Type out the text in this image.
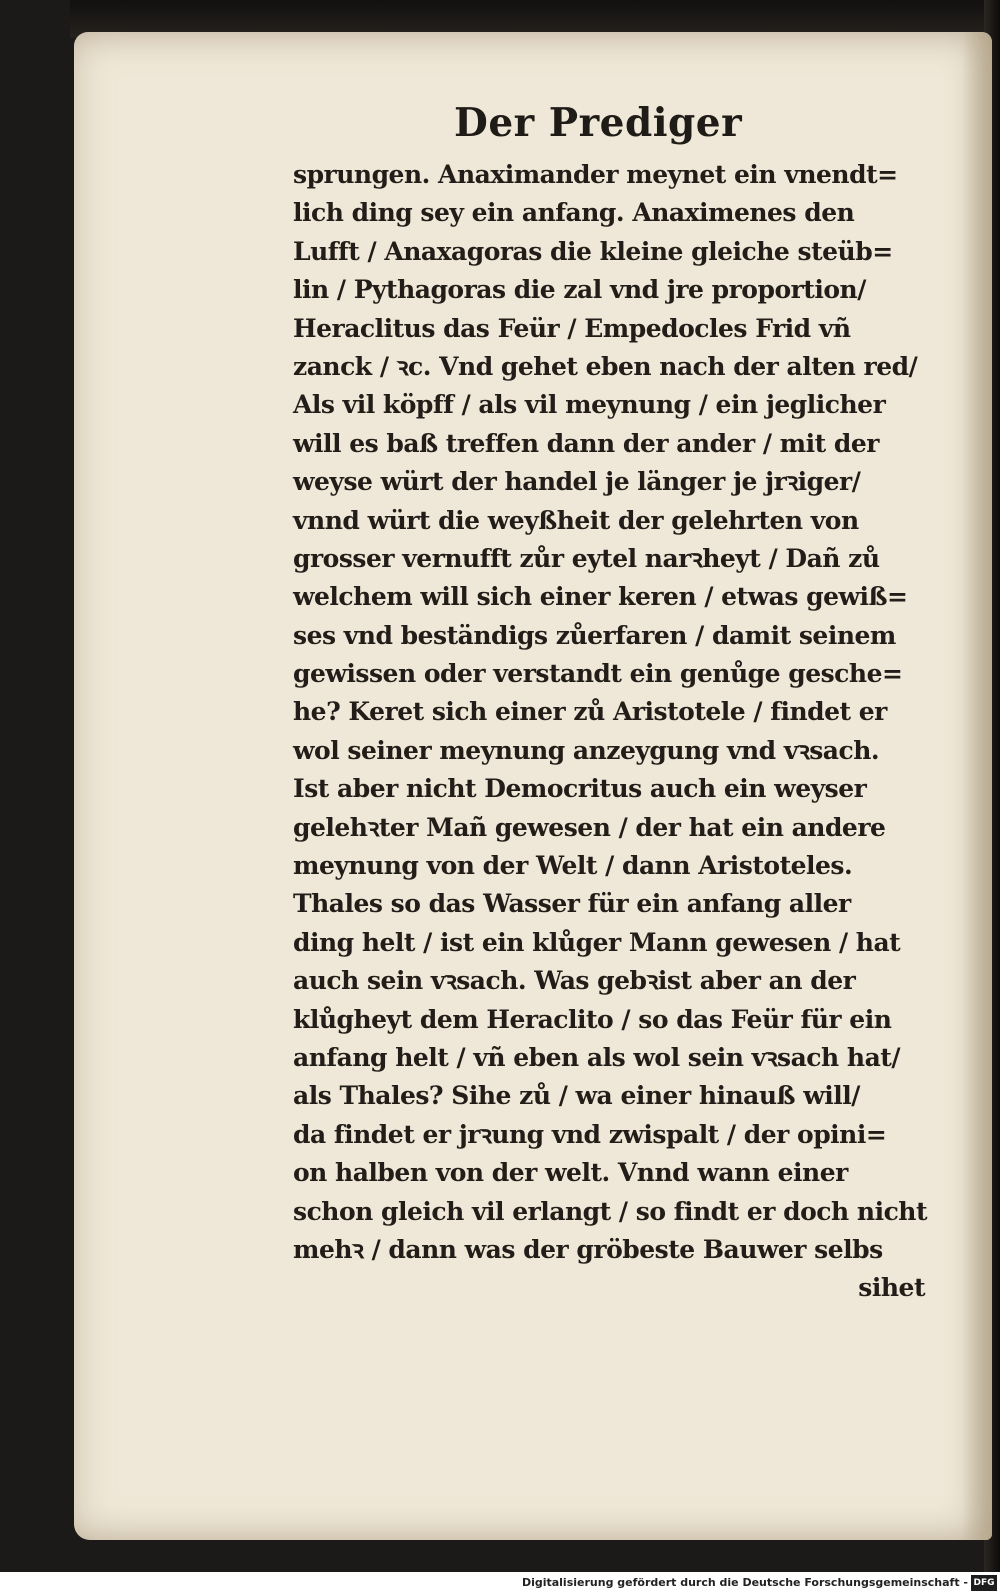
Der Prediger
sprungen. Anaximander meynet ein vnendt=
lich ding sey ein anfang. Anaximenes den
Lufft / Anaxagoras die kleine gleiche steüb=
lin / Pythagoras die zal vnd jre proportion/
Heraclitus das Feür / Empedocles Frid vñ
zanck / ꝛc. Vnd gehet eben nach der alten red/
Als vil köpff / als vil meynung / ein jeglicher
will es baß treffen dann der ander / mit der
weyse würt der handel je länger je jrꝛiger/
vnnd würt die weyßheit der gelehrten von
grosser vernufft zůr eytel narꝛheyt / Dañ zů
welchem will sich einer keren / etwas gewiß=
ses vnd beständigs zůerfaren / damit seinem
gewissen oder verstandt ein genůge gesche=
he? Keret sich einer zů Aristotele / findet er
wol seiner meynung anzeygung vnd vꝛsach.
Ist aber nicht Democritus auch ein weyser
gelehꝛter Mañ gewesen / der hat ein andere
meynung von der Welt / dann Aristoteles.
Thales so das Wasser für ein anfang aller
ding helt / ist ein klůger Mann gewesen / hat
auch sein vꝛsach. Was gebꝛist aber an der
klůgheyt dem Heraclito / so das Feür für ein
anfang helt / vñ eben als wol sein vꝛsach hat/
als Thales? Sihe zů / wa einer hinauß will/
da findet er jrꝛung vnd zwispalt / der opini=
on halben von der welt. Vnnd wann einer
schon gleich vil erlangt / so findt er doch nicht
mehꝛ / dann was der gröbeste Bauwer selbs
sihet
Digitalisierung gefördert durch die Deutsche Forschungsgemeinschaft - DFG
